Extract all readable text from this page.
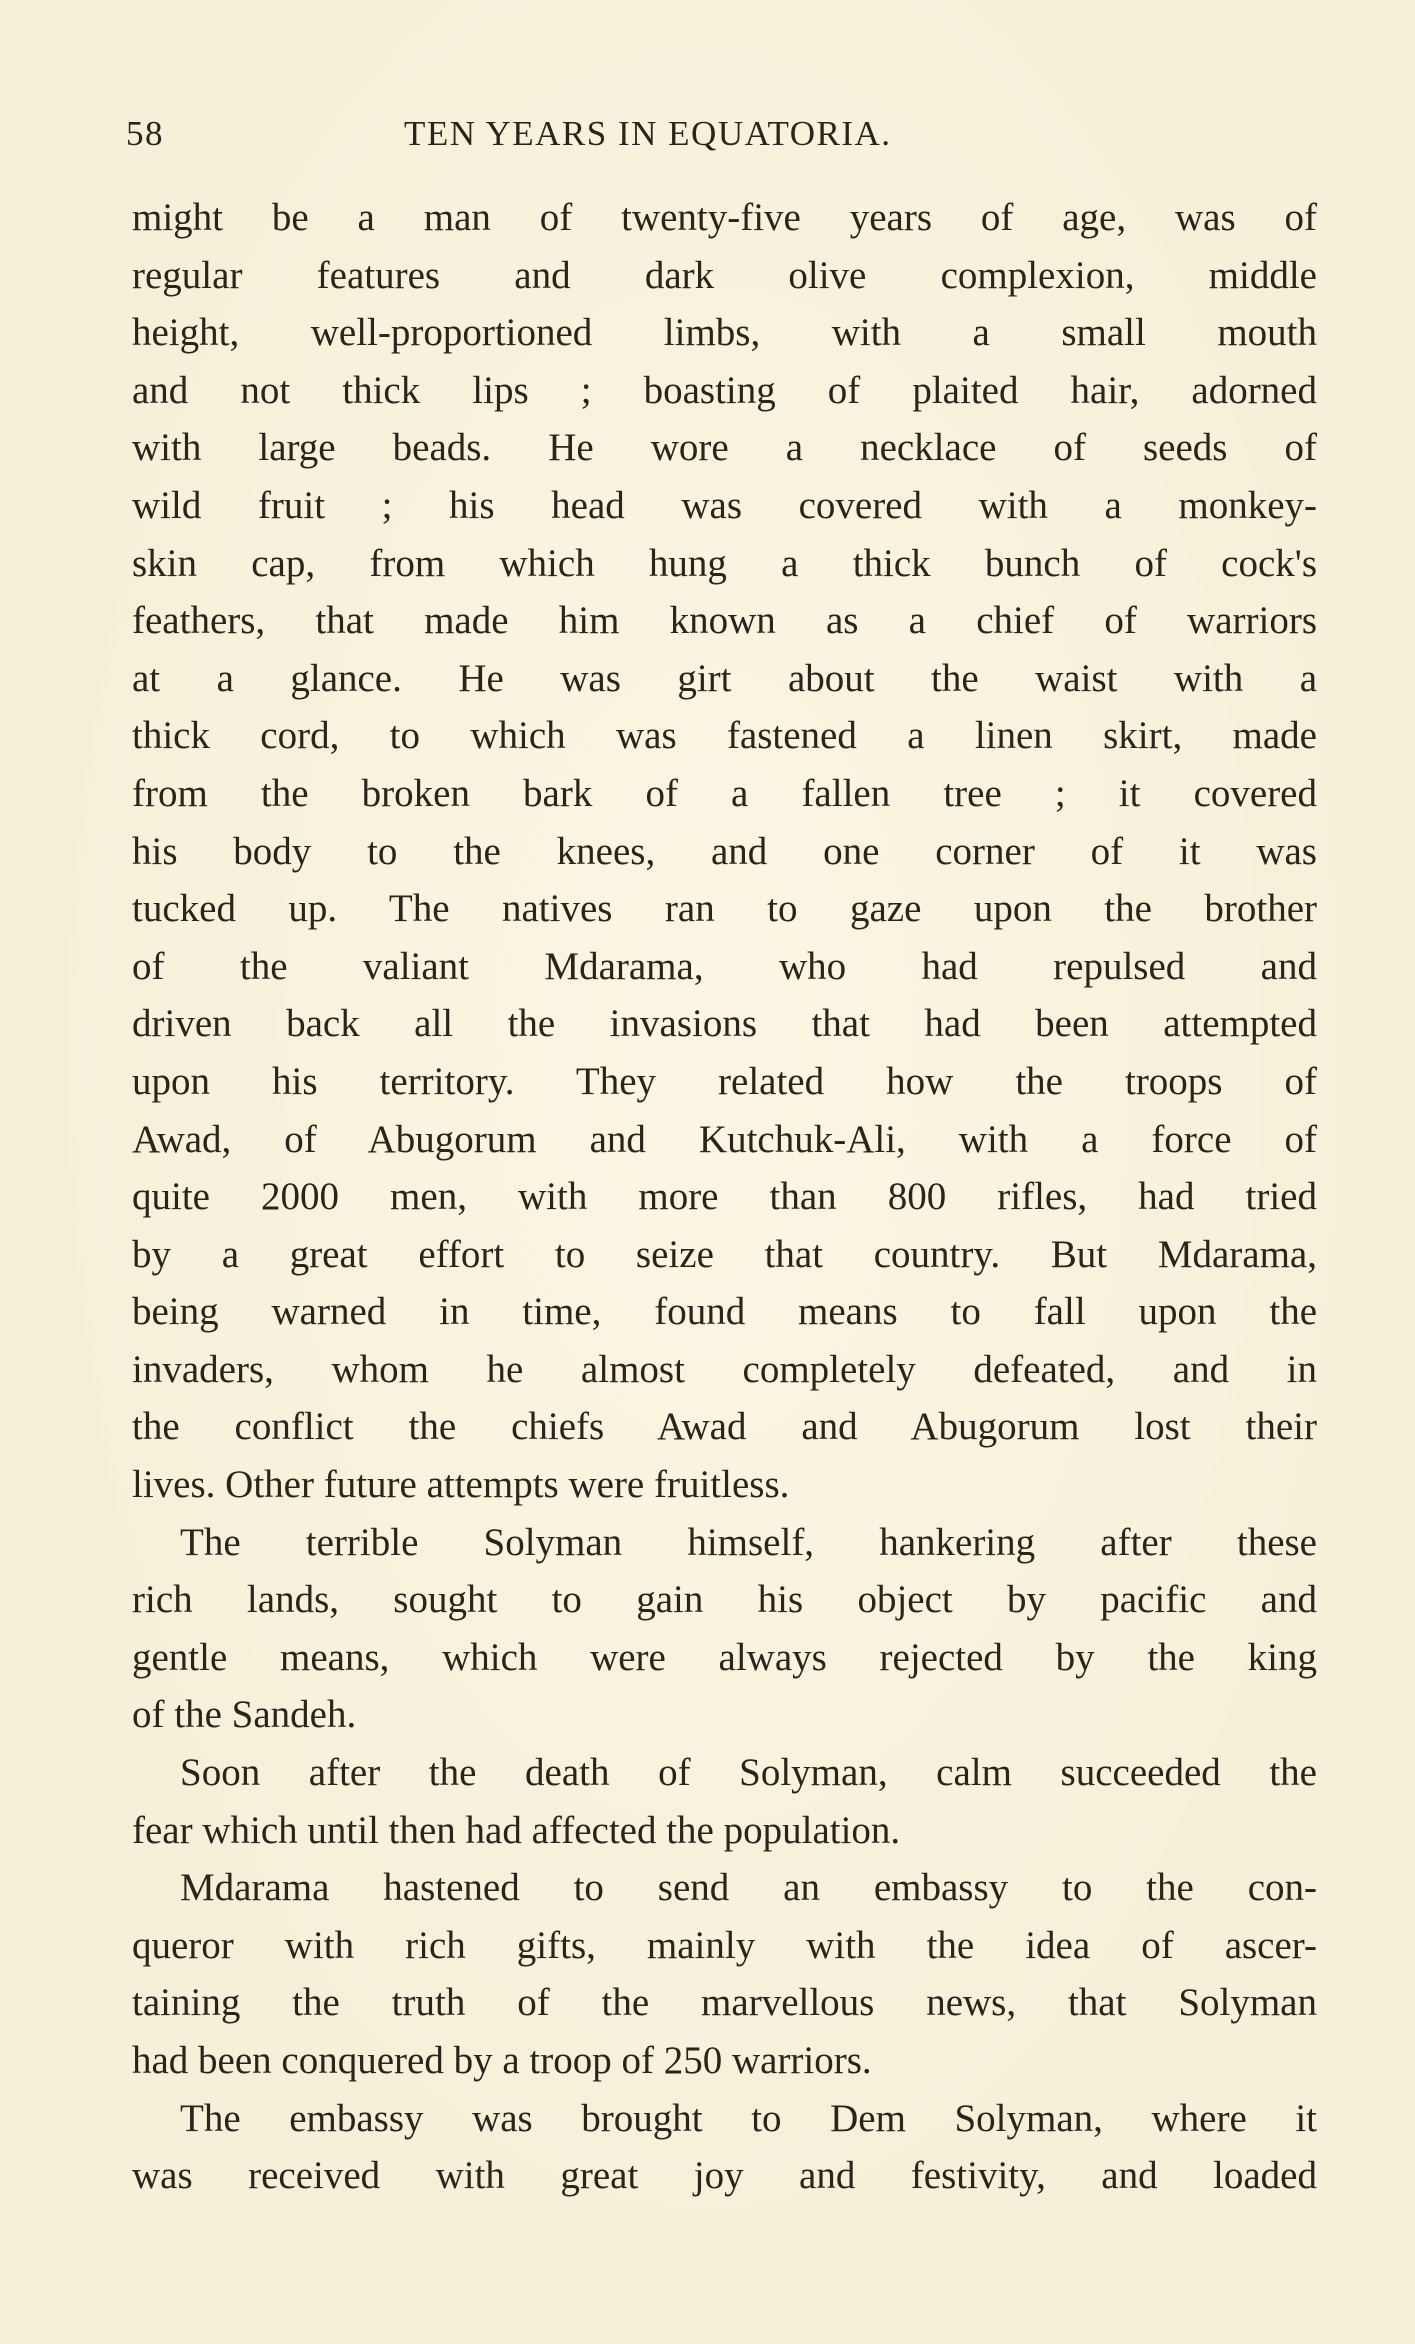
58	TEN YEARS IN EQUATORIA.
might be a man of twenty-five years of age, was of
regular features and dark olive complexion, middle
height, well-proportioned limbs, with a small mouth
and not thick lips ; boasting of plaited hair, adorned
with large beads. He wore a necklace of seeds of
wild fruit ; his head was covered with a monkey-
skin cap, from which hung a thick bunch of cock's
feathers, that made him known as a chief of warriors
at a glance. He was girt about the waist with a
thick cord, to which was fastened a linen skirt, made
from the broken bark of a fallen tree ; it covered
his body to the knees, and one corner of it was
tucked up. The natives ran to gaze upon the brother
of the valiant Mdarama, who had repulsed and
driven back all the invasions that had been attempted
upon his territory. They related how the troops of
Awad, of Abugorum and Kutchuk-Ali, with a force of
quite 2000 men, with more than 800 rifles, had tried
by a great effort to seize that country. But Mdarama,
being warned in time, found means to fall upon the
invaders, whom he almost completely defeated, and in
the conflict the chiefs Awad and Abugorum lost their
lives. Other future attempts were fruitless.
The terrible Solyman himself, hankering after these
rich lands, sought to gain his object by pacific and
gentle means, which were always rejected by the king
of the Sandeh.
Soon after the death of Solyman, calm succeeded the
fear which until then had affected the population.
Mdarama hastened to send an embassy to the con-
queror with rich gifts, mainly with the idea of ascer-
taining the truth of the marvellous news, that Solyman
had been conquered by a troop of 250 warriors.
The embassy was brought to Dem Solyman, where it
was received with great joy and festivity, and loaded
